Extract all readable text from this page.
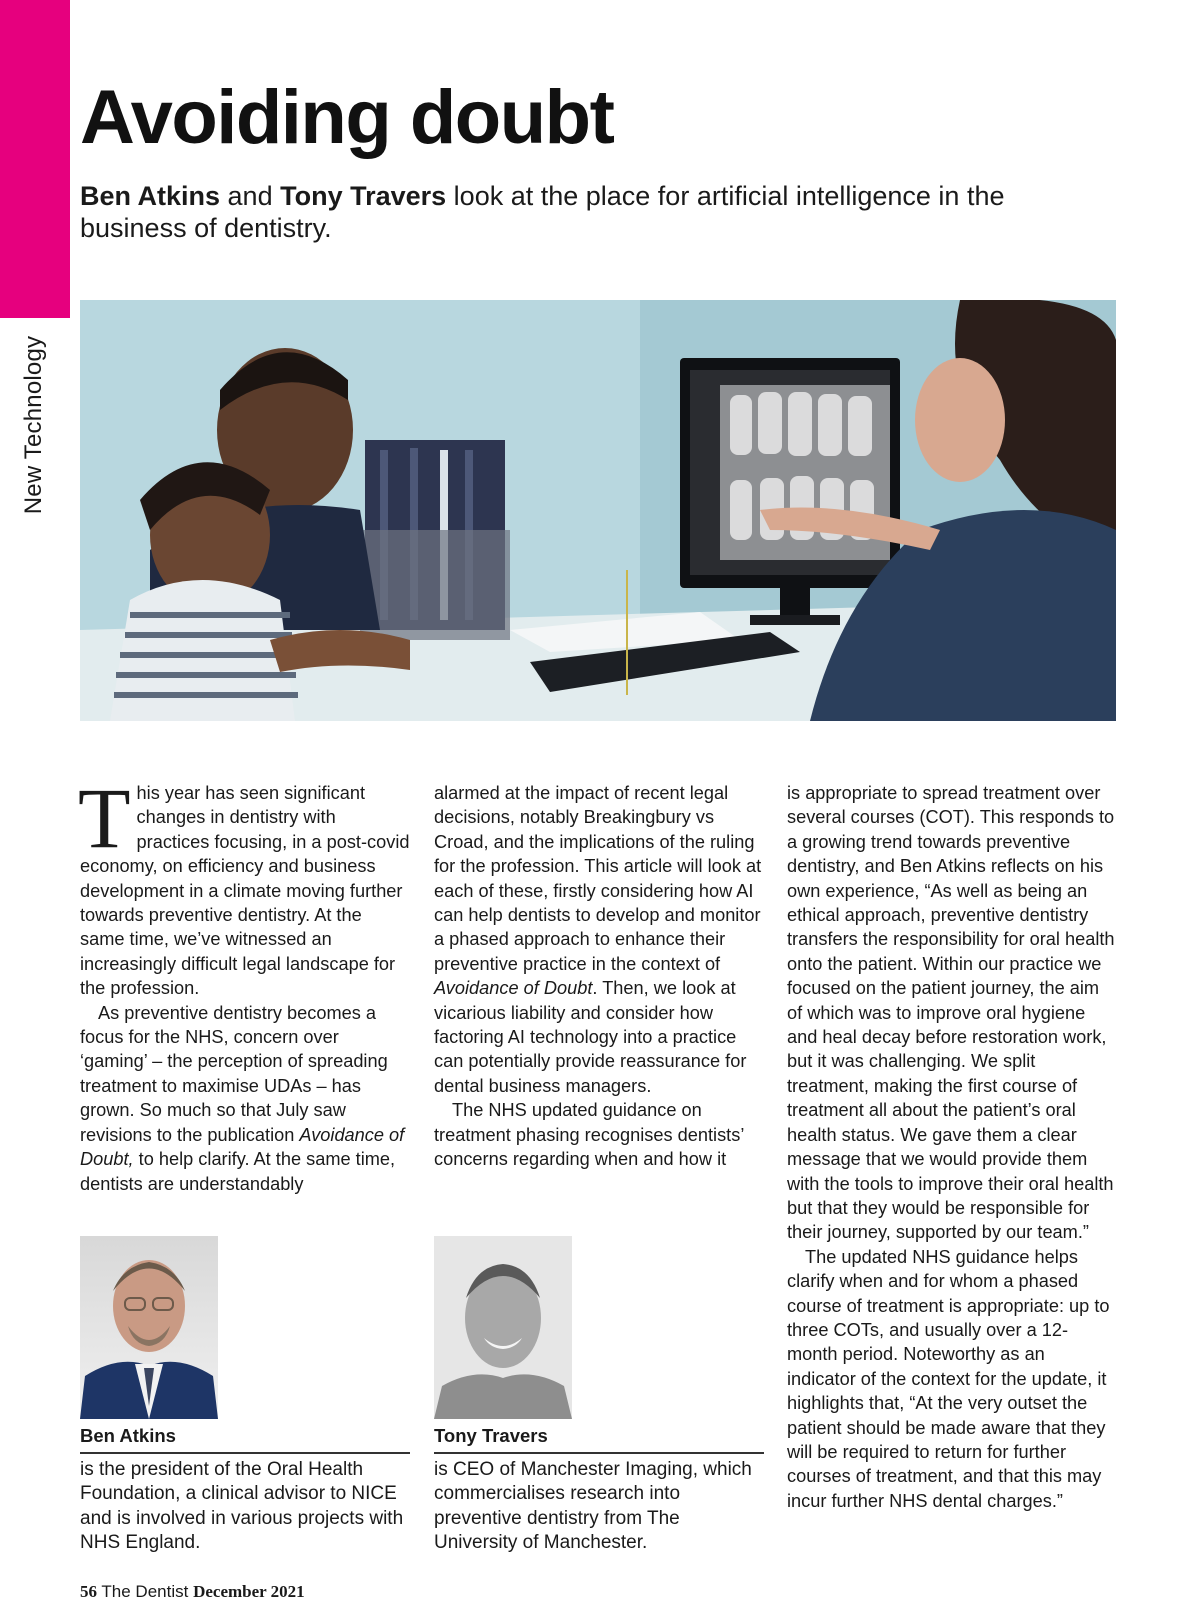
New Technology
Avoiding doubt

Ben Atkins and Tony Travers look at the place for artificial intelligence in the business of dentistry.

T his year has seen significant changes in dentistry with practices focusing, in a post-covid economy, on efficiency and business development in a climate moving further towards preventive dentistry. At the same time, we’ve witnessed an increasingly difficult legal landscape for the profession.

As preventive dentistry becomes a focus for the NHS, concern over ‘gaming’ – the perception of spreading treatment to maximise UDAs – has grown. So much so that July saw revisions to the publication Avoidance of Doubt, to help clarify. At the same time, dentists are understandably

alarmed at the impact of recent legal decisions, notably Breakingbury vs Croad, and the implications of the ruling for the profession. This article will look at each of these, firstly considering how AI can help dentists to develop and monitor a phased approach to enhance their preventive practice in the context of Avoidance of Doubt. Then, we look at vicarious liability and consider how factoring AI technology into a practice can potentially provide reassurance for dental business managers.

The NHS updated guidance on treatment phasing recognises dentists’ concerns regarding when and how it

is appropriate to spread treatment over several courses (COT). This responds to a growing trend towards preventive dentistry, and Ben Atkins reflects on his own experience, “As well as being an ethical approach, preventive dentistry transfers the responsibility for oral health onto the patient. Within our practice we focused on the patient journey, the aim of which was to improve oral hygiene and heal decay before restoration work, but it was challenging. We split treatment, making the first course of treatment all about the patient’s oral health status. We gave them a clear message that we would provide them with the tools to improve their oral health but that they would be responsible for their journey, supported by our team.”

The updated NHS guidance helps clarify when and for whom a phased course of treatment is appropriate: up to three COTs, and usually over a 12-month period. Noteworthy as an indicator of the context for the update, it highlights that, “At the very outset the patient should be made aware that they will be required to return for further courses of treatment, and that this may incur further NHS dental charges.”

Ben Atkins
is the president of the Oral Health Foundation, a clinical advisor to NICE and is involved in various projects with NHS England.
Tony Travers
is CEO of Manchester Imaging, which commercialises research into preventive dentistry from The University of Manchester.
56 The Dentist December 2021
